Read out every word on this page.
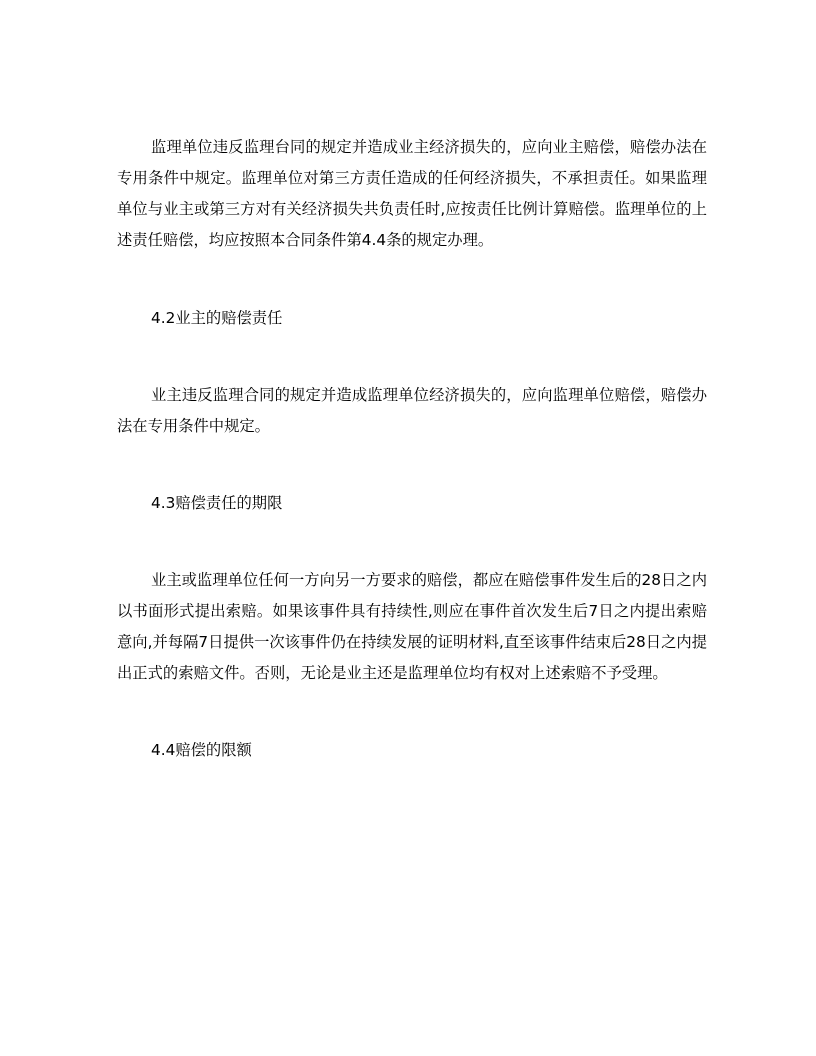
监理单位违反监理台同的规定并造成业主经济损失的，应向业主赔偿，赔偿办法在专用条件中规定。监理单位对第三方责任造成的任何经济损失，不承担责任。如果监理单位与业主或第三方对有关经济损失共负责任时,应按责任比例计算赔偿。监理单位的上述责任赔偿，均应按照本合同条件第4.4条的规定办理。

4.2业主的赔偿责任

业主违反监理合同的规定并造成监理单位经济损失的，应向监理单位赔偿，赔偿办法在专用条件中规定。

4.3赔偿责任的期限

业主或监理单位任何一方向另一方要求的赔偿，都应在赔偿事件发生后的28日之内以书面形式提出索赔。如果该事件具有持续性,则应在事件首次发生后7日之内提出索赔意向,并每隔7日提供一次该事件仍在持续发展的证明材料,直至该事件结束后28日之内提出正式的索赔文件。否则，无论是业主还是监理单位均有权对上述索赔不予受理。

4.4赔偿的限额
